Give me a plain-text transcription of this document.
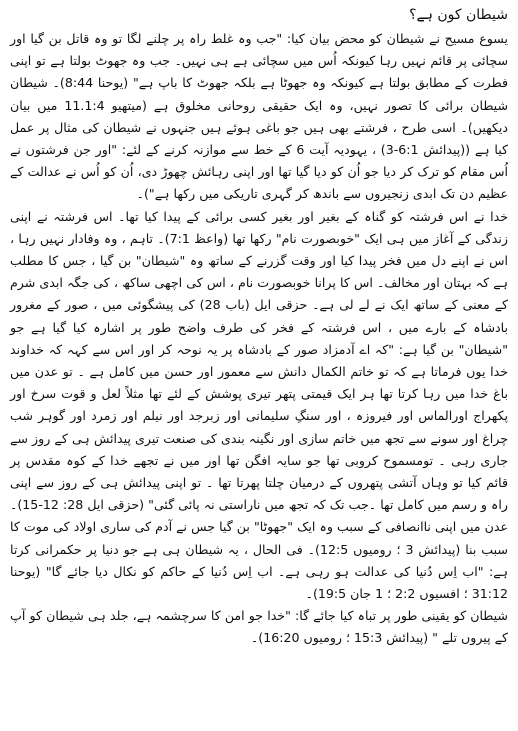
شیطان کون ہے؟

یسوع مسیح نے شیطان کو محض بیان کیا: "جب وہ غلط راہ پر چلنے لگا تو وہ قاتل بن گیا اور سچائی پر قائم نہیں رہا کیونکہ اُس میں سچائی ہے ہی نہیں۔ جب وہ جھوٹ بولتا ہے تو اپنی فطرت کے مطابق بولتا ہے کیونکہ وہ جھوٹا ہے بلکہ جھوٹ کا باپ ہے" (یوحنا 8:44)۔ شیطان شیطان برائی کا تصور نہیں، وہ ایک حقیقی روحانی مخلوق ہے (میتھیو 11.1:4 میں بیان دیکھیں)۔ اسی طرح ، فرشتے بھی ہیں جو باغی ہوئے ہیں جنہوں نے شیطان کی مثال پر عمل کیا ہے ((پیدائش 6:1-3) ، یہودیہ آیت 6 کے خط سے موازنہ کرنے کے لئے: "اور جن فرشتوں نے اُس مقام کو ترک کر دیا جو اُن کو دیا گیا تھا اور اپنی رہائش چھوڑ دی، اُن کو اُس نے عدالت کے عظیم دن تک ابدی زنجیروں سے باندھ کر گہری تاریکی میں رکھا ہے")۔

خدا نے اس فرشتہ کو گناہ کے بغیر اور بغیر کسی برائی کے پیدا کیا تھا۔ اس فرشتہ نے اپنی زندگی کے آغاز میں ہی ایک "خوبصورت نام" رکھا تھا (واعظ 7:1)۔ تاہم ، وہ وفادار نہیں رہا ، اس نے اپنے دل میں فخر پیدا کیا اور وقت گزرنے کے ساتھ وہ "شیطان" بن گیا ، جس کا مطلب ہے کہ بہتان اور مخالف۔ اس کا پرانا خوبصورت نام ، اس کی اچھی ساکھ ، کی جگہ ابدی شرم کے معنی کے ساتھ ایک نے لے لی ہے۔ حزقی ایل (باب 28) کی پیشگوئی میں ، صور کے مغرور بادشاہ کے بارے میں ، اس فرشتہ کے فخر کی طرف واضح طور پر اشارہ کیا گیا ہے جو "شیطان" بن گیا ہے: "کہ اے آدمزاد صور کے بادشاہ پر یہ نوحہ کر اور اس سے کہہ کہ خداوند خدا یوں فرماتا ہے کہ تو خاتم الکمال دانش سے معمور اور حسن میں کامل ہے ۔ تو عدن میں باغ خدا میں رہا کرتا تھا ہر ایک قیمتی پتھر تیری پوشش کے لئے تھا مثلاً لعل و قوت سرخ اور پکھراج اورالماس اور فیروزہ ، اور سنگِ سلیمانی اور زبرجد اور نیلم اور زمرد اور گوہر شب چراغ اور سونے سے تجھ میں خاتم سازی اور نگینہ بندی کی صنعت تیری پیدائش ہی کے روز سے جاری رہی ۔ تومسموح کروبی تھا جو سایہ افگن تھا اور میں نے تجھے خدا کے کوہ مقدس پر قائم کیا تو وہاں آتشی پتھروں کے درمیان چلتا پھرتا تھا ۔ تو اپنی پیدائش ہی کے روز سے اپنی راہ و رسم میں کامل تھا ۔جب تک کہ تجھ میں ناراستی نہ پائی گئی" (حزقی ایل 28: 12-15)۔ عدن میں اپنی ناانصافی کے سبب وہ ایک "جھوٹا" بن گیا جس نے آدم کی ساری اولاد کی موت کا سبب بنا (پیدائش 3 ؛ رومیوں 12:5)۔ فی الحال ، یہ شیطان ہی ہے جو دنیا پر حکمرانی کرتا ہے: "اب اِس دُنیا کی عدالت ہو رہی ہے۔ اب اِس دُنیا کے حاکم کو نکال دیا جائے گا" (یوحنا 31:12 ؛ افسیوں 2:2 ؛ 1 جان 19:5)۔

شیطان کو یقینی طور پر تباہ کیا جائے گا: "خدا جو امن کا سرچشمہ ہے، جلد ہی شیطان کو آپ کے پیروں تلے " (پیدائش 15:3 ؛ رومیوں 16:20)۔
